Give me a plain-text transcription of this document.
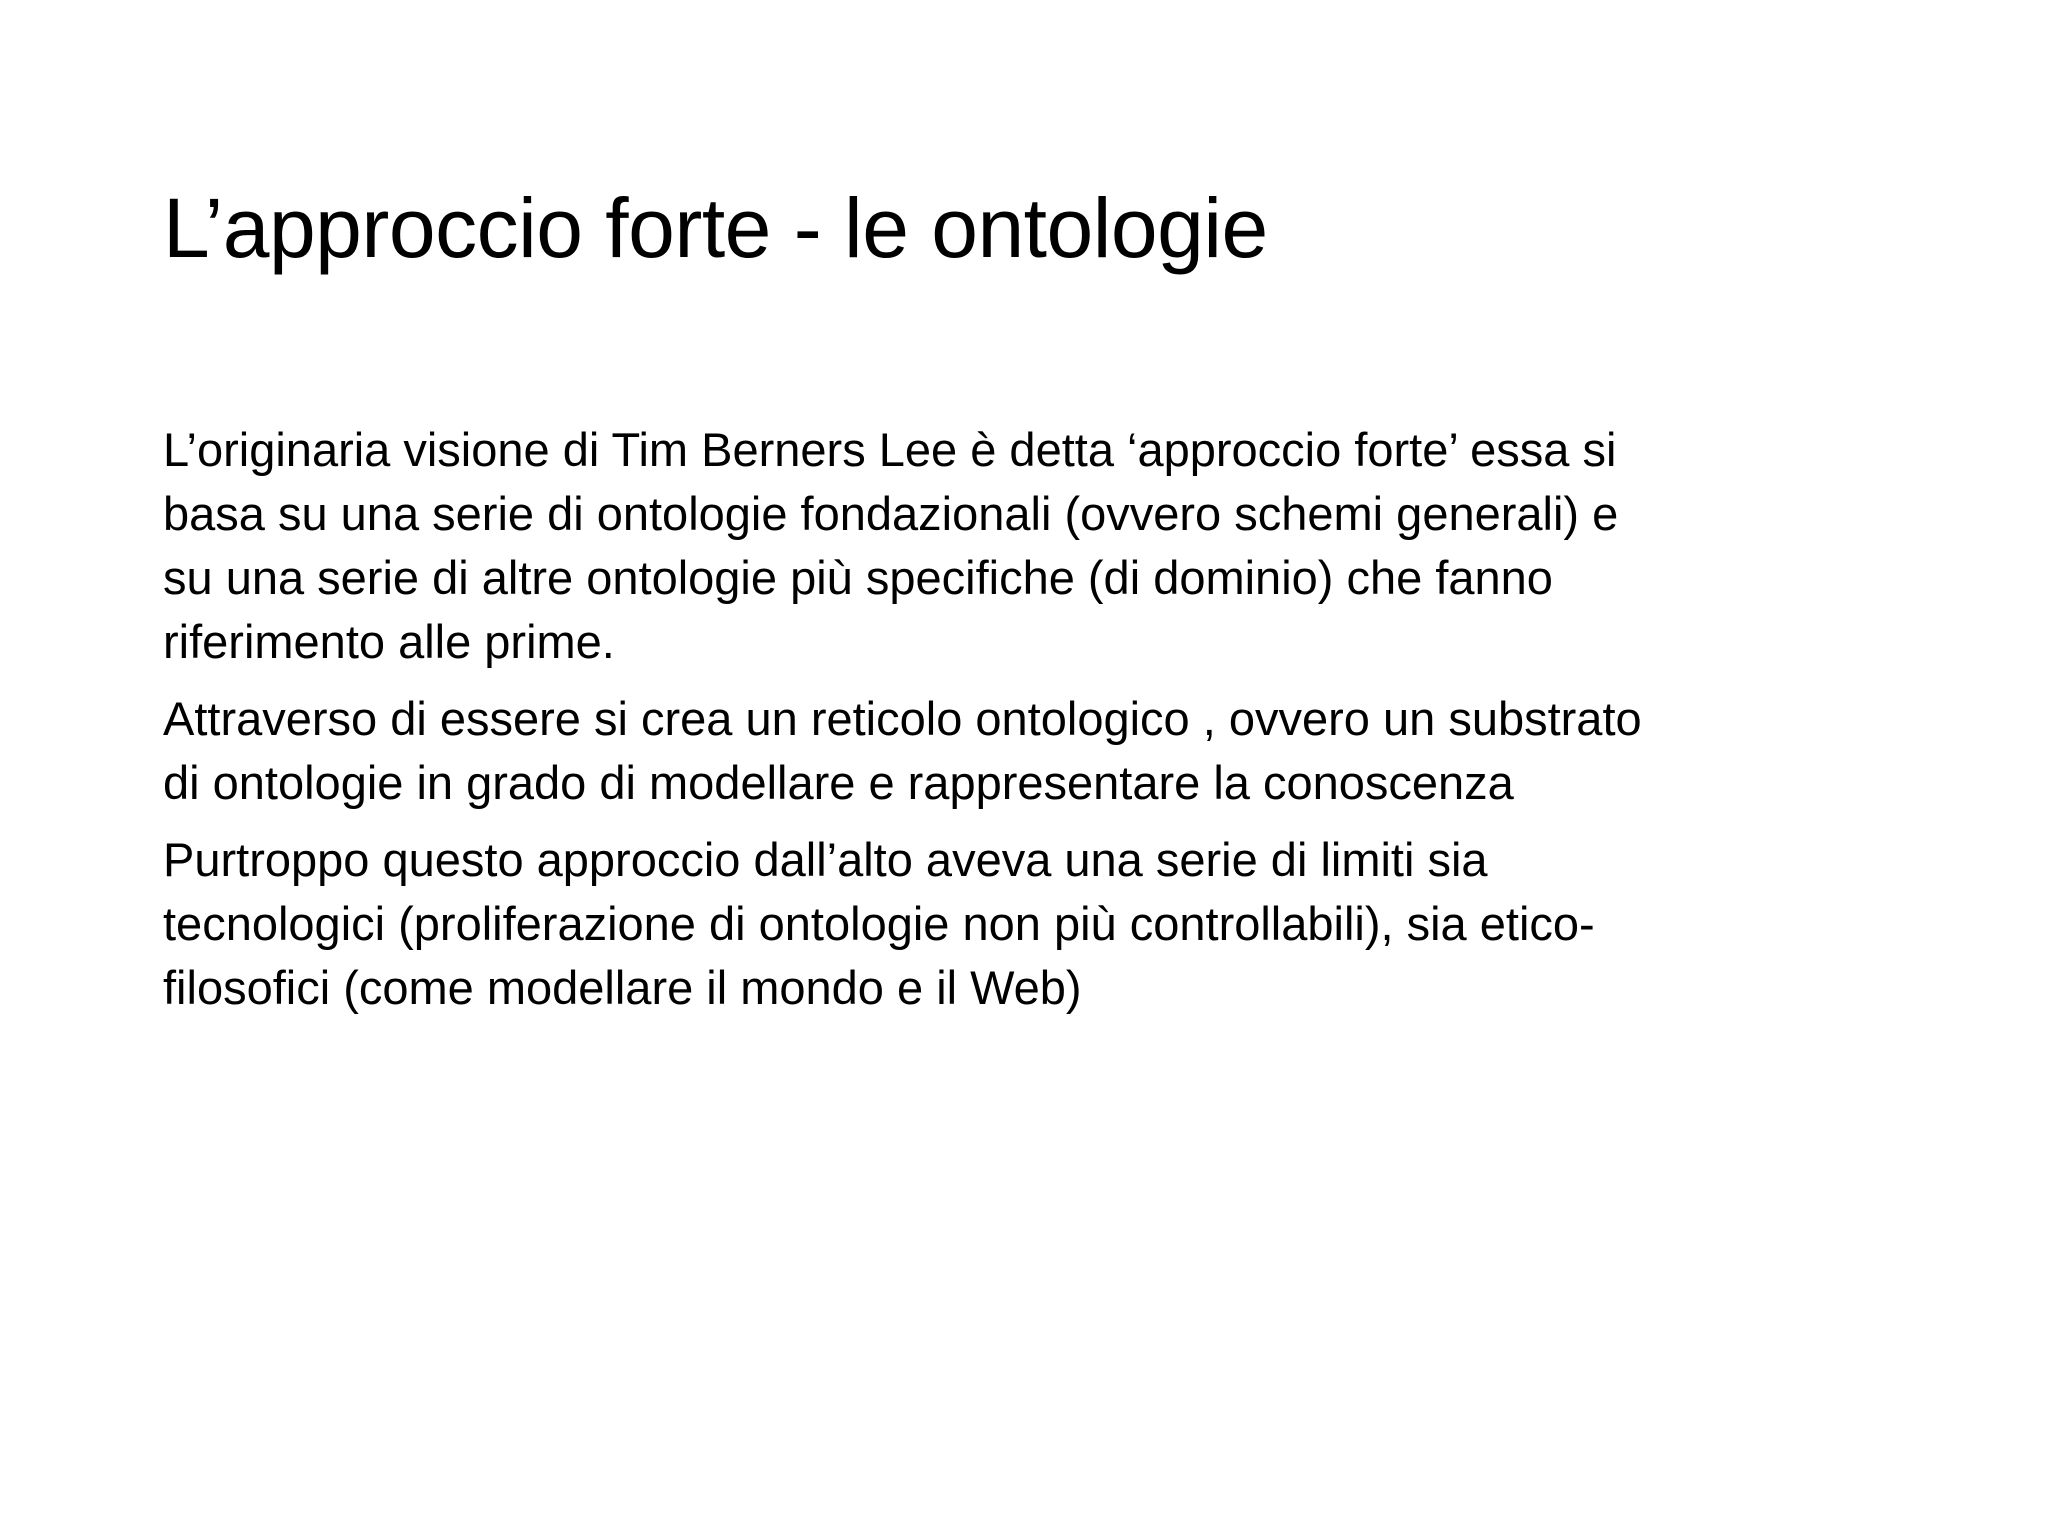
L’approccio forte - le ontologie

L’originaria visione di Tim Berners Lee è detta ‘approccio forte’ essa si
basa su una serie di ontologie fondazionali (ovvero schemi generali) e
su una serie di altre ontologie più specifiche (di dominio) che fanno
riferimento alle prime.

Attraverso di essere si crea un reticolo ontologico , ovvero un substrato
di ontologie in grado di modellare e rappresentare la conoscenza

Purtroppo questo approccio dall’alto aveva una serie di limiti sia
tecnologici (proliferazione di ontologie non più controllabili), sia etico-
filosofici (come modellare il mondo e il Web)
